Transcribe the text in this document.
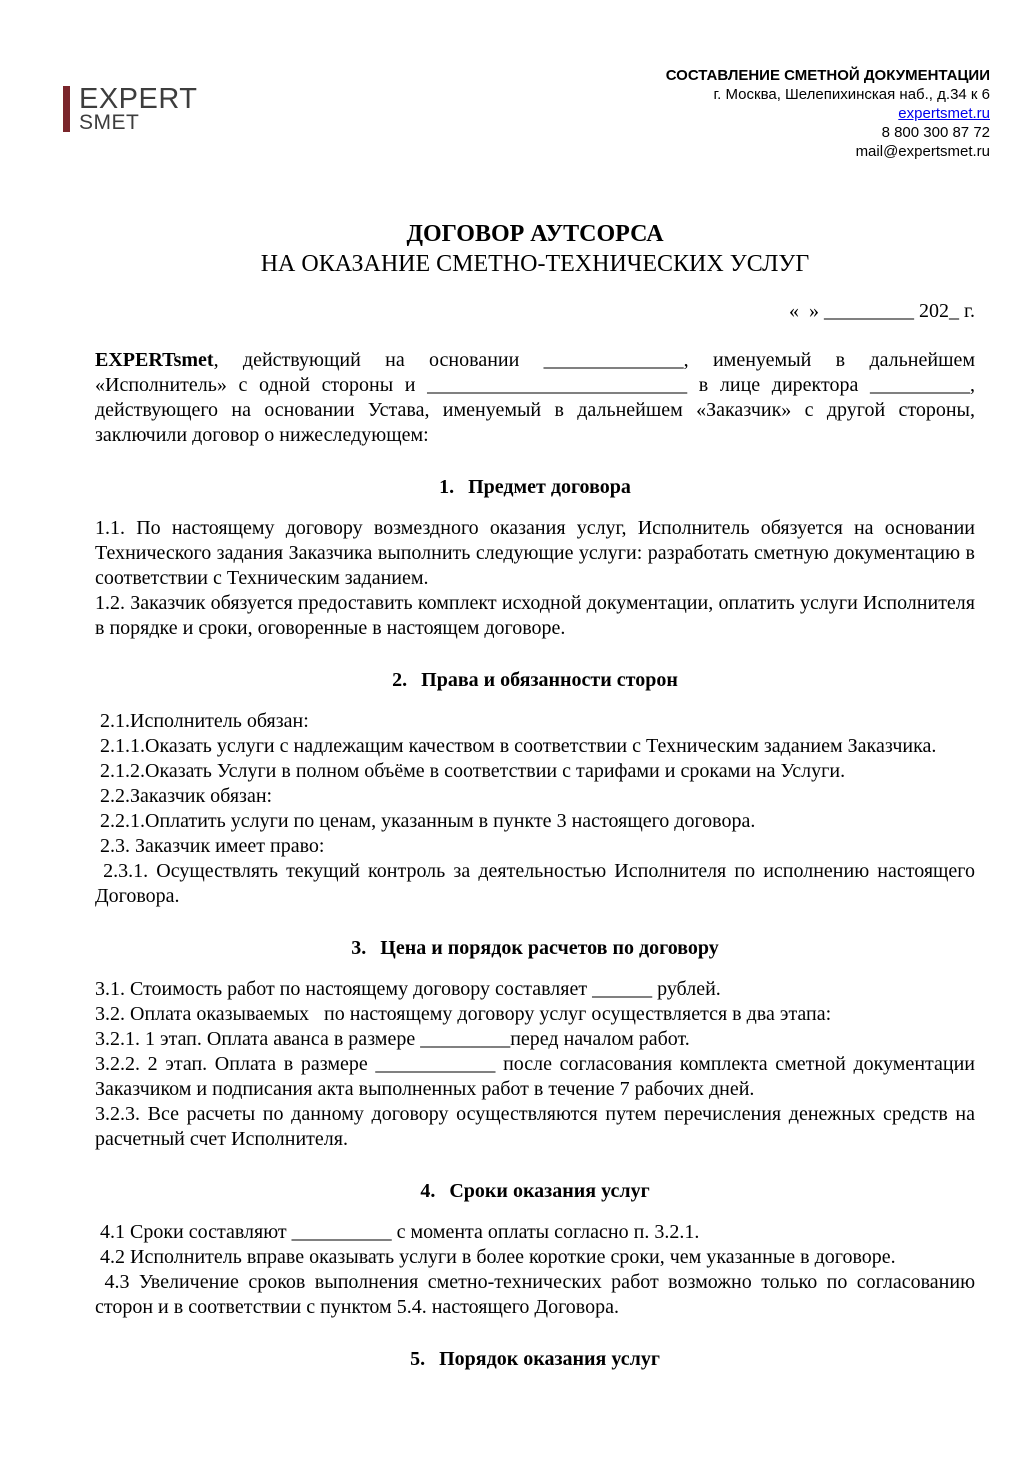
EXPERT
SMET
СОСТАВЛЕНИЕ СМЕТНОЙ ДОКУМЕНТАЦИИ
г. Москва, Шелепихинская наб., д.34 к 6
expertsmet.ru
8 800 300 87 72
mail@expertsmet.ru
ДОГОВОР АУТСОРСА
НА ОКАЗАНИЕ СМЕТНО-ТЕХНИЧЕСКИХ УСЛУГ
«  » _________ 202_ г.
EXPERTsmet, действующий на основании ______________, именуемый в дальнейшем «Исполнитель» с одной стороны и __________________________ в лице директора __________, действующего на основании Устава, именуемый в дальнейшем «Заказчик» с другой стороны, заключили договор о нижеследующем:
1. Предмет договора

1.1. По настоящему договору возмездного оказания услуг, Исполнитель обязуется на основании Технического задания Заказчика выполнить следующие услуги: разработать сметную документацию в соответствии с Техническим заданием.

1.2. Заказчик обязуется предоставить комплект исходной документации, оплатить услуги Исполнителя в порядке и сроки, оговоренные в настоящем договоре.

2. Права и обязанности сторон

2.1.Исполнитель обязан:

2.1.1.Оказать услуги с надлежащим качеством в соответствии с Техническим заданием Заказчика.

2.1.2.Оказать Услуги в полном объёме в соответствии с тарифами и сроками на Услуги.

2.2.Заказчик обязан:

2.2.1.Оплатить услуги по ценам, указанным в пункте 3 настоящего договора.

2.3. Заказчик имеет право:

2.3.1. Осуществлять текущий контроль за деятельностью Исполнителя по исполнению настоящего Договора.

3. Цена и порядок расчетов по договору

3.1. Стоимость работ по настоящему договору составляет ______ рублей.

3.2. Оплата оказываемых   по настоящему договору услуг осуществляется в два этапа:

3.2.1. 1 этап. Оплата аванса в размере _________перед началом работ.

3.2.2. 2 этап. Оплата в размере ____________ после согласования комплекта сметной документации Заказчиком и подписания акта выполненных работ в течение 7 рабочих дней.

3.2.3. Все расчеты по данному договору осуществляются путем перечисления денежных средств на расчетный счет Исполнителя.

4. Сроки оказания услуг

4.1 Сроки составляют __________ с момента оплаты согласно п. 3.2.1.

4.2 Исполнитель вправе оказывать услуги в более короткие сроки, чем указанные в договоре.

4.3 Увеличение сроков выполнения сметно-технических работ возможно только по согласованию сторон и в соответствии с пунктом 5.4. настоящего Договора.

5. Порядок оказания услуг
